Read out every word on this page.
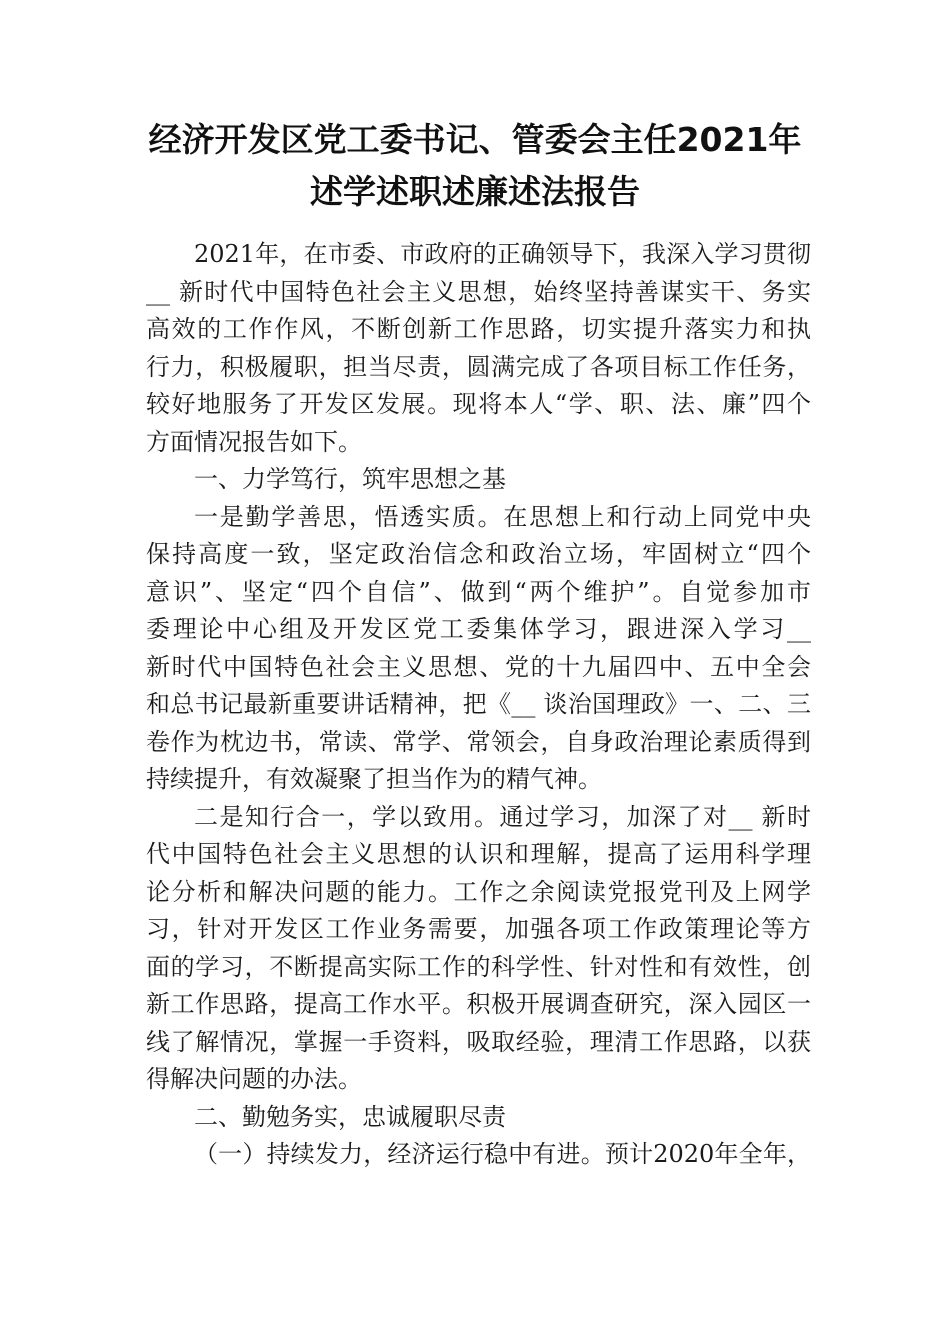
经济开发区党工委书记、管委会主任2021年
述学述职述廉述法报告
2021年，在市委、市政府的正确领导下，我深入学习贯彻
__ 新时代中国特色社会主义思想，始终坚持善谋实干、务实
高效的工作作风，不断创新工作思路，切实提升落实力和执
行力，积极履职，担当尽责，圆满完成了各项目标工作任务，
较好地服务了开发区发展。现将本人“学、职、法、廉”四个
方面情况报告如下。
一、力学笃行，筑牢思想之基
一是勤学善思，悟透实质。在思想上和行动上同党中央
保持高度一致，坚定政治信念和政治立场，牢固树立“四个
意识”、坚定“四个自信”、做到“两个维护”。自觉参加市
委理论中心组及开发区党工委集体学习，跟进深入学习__
新时代中国特色社会主义思想、党的十九届四中、五中全会
和总书记最新重要讲话精神，把《__ 谈治国理政》一、二、三
卷作为枕边书，常读、常学、常领会，自身政治理论素质得到
持续提升，有效凝聚了担当作为的精气神。
二是知行合一，学以致用。通过学习，加深了对__ 新时
代中国特色社会主义思想的认识和理解，提高了运用科学理
论分析和解决问题的能力。工作之余阅读党报党刊及上网学
习，针对开发区工作业务需要，加强各项工作政策理论等方
面的学习，不断提高实际工作的科学性、针对性和有效性，创
新工作思路，提高工作水平。积极开展调查研究，深入园区一
线了解情况，掌握一手资料，吸取经验，理清工作思路，以获
得解决问题的办法。
二、勤勉务实，忠诚履职尽责
（一）持续发力，经济运行稳中有进。预计2020年全年，
